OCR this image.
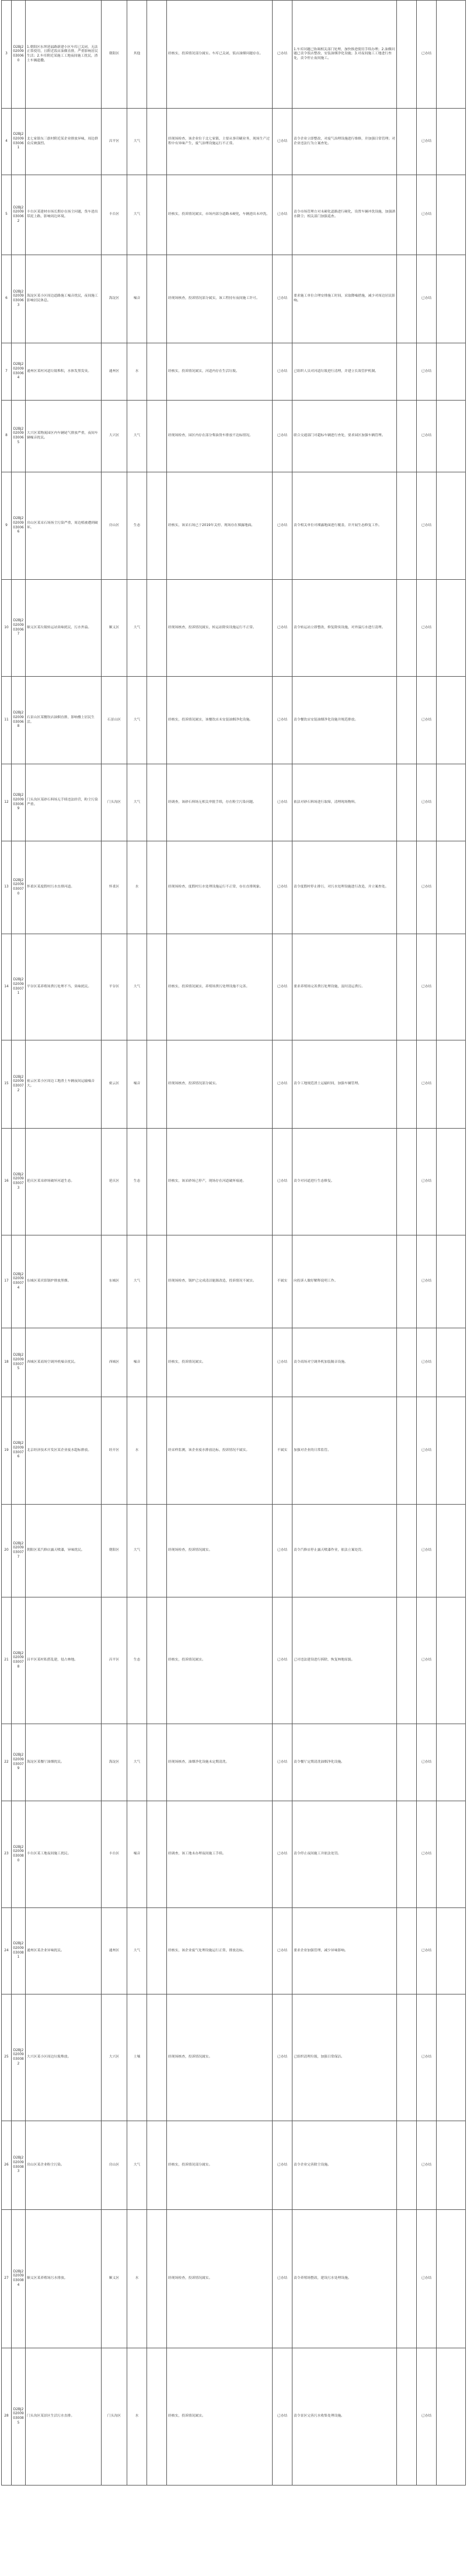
3	D2BJ202009030060	1.朝阳区东坝延福路新建小区车库已关闭，无法正常使用，且附近饭店油烟直排，严重影响居民生活；2.车库附近某施工工地夜间施工扰民，渣土车辆遗撒。	朝阳区	其他		经核实，投诉情况部分属实。车库已关闭，饭店油烟问题存在。	已办结	1.车库问题已协调相关部门处理，加快推进使用手续办理；2.油烟问题已责令饭店整改，安装油烟净化设施；3.对夜间施工工地进行查处，责令停止夜间施工。		已办结	
4	D2BJ202009030061	北七家镇东三旗村附近某企业排放异味，周边群众反映强烈。	昌平区	大气		经现场检查，该企业位于北七家镇，主要从事印刷业务，现场生产过程中有异味产生，废气治理设施运行不正常。	已办结	责令企业立即整改，对废气治理设施进行维修，并加强日常管理；对企业违法行为立案查处。		已办结	
5	D2BJ202009030062	丰台区某建材市场长期存在扬尘问题，货车进出带泥上路，影响周边环境。	丰台区	大气		经核实，投诉情况属实，市场内部分道路未硬化，车辆进出未冲洗。	已办结	责令市场管理方对未硬化道路进行硬化，设置车辆冲洗设施，加强洒水降尘；相关部门加强巡查。		已办结	
6	D2BJ202009030063	海淀区某小区周边道路施工噪音扰民，夜间施工影响居民休息。	海淀区	噪音		经现场核查，投诉情况部分属实，该工程持有夜间施工许可。	已办结	要求施工单位合理安排施工时间，采取降噪措施，减少对周边居民影响。		已办结	
7	D2BJ202009030064	通州区某村河道垃圾堆积，水体发黑发臭。	通州区	水		经核实，投诉情况属实，河道内存在生活垃圾。	已办结	已组织人员对河道垃圾进行清理，并建立长效管护机制。		已办结	
8	D2BJ202009030065	大兴区某物流园区内车辆尾气排放严重，夜间车辆噪音扰民。	大兴区	大气		经现场检查，园区内存在部分柴油货车排放不达标情况。	已办结	联合交通部门对超标车辆进行查处，要求园区加强车辆管理。		已办结	
9	D2BJ202009030066	房山区某采石场扬尘污染严重，周边植被遭到破坏。	房山区	生态		经核实，该采石场已于2019年关停，现场存在裸露地面。	已办结	责令相关单位对裸露地面进行覆盖，并开展生态修复工作。		已办结	
10	D2BJ202009030067	顺义区某垃圾转运站臭味扰民，污水外溢。	顺义区	大气		经现场核查，投诉情况属实，转运站除臭设施运行不正常。	已办结	责令转运站立即整改，修复除臭设施，对外溢污水进行清理。		已办结	
11	D2BJ202009030068	石景山区某餐饮店油烟直排，影响楼上居民生活。	石景山区	大气		经核实，投诉情况属实，该餐饮店未安装油烟净化设施。	已办结	责令餐饮店安装油烟净化设施并规范排放。		已办结	
12	D2BJ202009030069	门头沟区某砂石料场无手续违法经营，粉尘污染严重。	门头沟区	大气		经调查，该砂石料场无相关审批手续，存在粉尘污染问题。	已办结	依法对砂石料场进行取缔，清理现场物料。		已办结	
13	D2BJ202009030070	怀柔区某度假村污水直排河道。	怀柔区	水		经现场检查，度假村污水处理设施运行不正常，存在直排现象。	已办结	责令度假村停止排污，对污水处理设施进行改造，并立案查处。		已办结	
14	D2BJ202009030071	平谷区某养殖场粪污处理不当，臭味扰民。	平谷区	大气		经核实，投诉情况属实，养殖场粪污处理设施不完善。	已办结	要求养殖场完善粪污处理设施，及时清运粪污。		已办结	
15	D2BJ202009030072	密云区某小区周边工地渣土车辆夜间运输噪音大。	密云区	噪音		经现场核查，投诉情况部分属实。	已办结	责令工地规范渣土运输时间，加强车辆管理。		已办结	
16	D2BJ202009030073	延庆区某采砂场破坏河道生态。	延庆区	生态		经核实，该采砂场已停产，现场存在河道破坏痕迹。	已办结	责令对河道进行生态修复。		已办结	
17	D2BJ202009030074	东城区某宾馆锅炉排放黑烟。	东城区	大气		经现场检查，锅炉已完成清洁能源改造，投诉情况不属实。	不属实	向投诉人做好解释说明工作。		已办结	
18	D2BJ202009030075	西城区某商场空调外机噪音扰民。	西城区	噪音		经核实，投诉情况属实。	已办结	责令商场对空调外机加装隔音设施。		已办结	
19	D2BJ202009030076	北京经济技术开发区某企业废水超标排放。	经开区	水		经采样监测，该企业废水排放达标，投诉情况不属实。	不属实	加强对企业的日常监管。		已办结	
20	D2BJ202009030077	朝阳区某汽修店露天喷漆，异味扰民。	朝阳区	大气		经现场检查，投诉情况属实。	已办结	责令汽修店停止露天喷漆作业，依法立案处罚。		已办结	
21	D2BJ202009030078	昌平区某村私搭乱建，侵占林地。	昌平区	生态		经核实，投诉情况属实。	已办结	已对违法建设进行拆除，恢复林地原貌。		已办结	
22	D2BJ202009030079	海淀区某餐厅油烟扰民。	海淀区	大气		经现场核查，油烟净化设施未定期清洗。	已办结	责令餐厅定期清洗油烟净化设施。		已办结	
23	D2BJ202009030080	丰台区某工地夜间施工扰民。	丰台区	噪音		经调查，该工地未办理夜间施工手续。	已办结	责令停止夜间施工并依法处罚。		已办结	
24	D2BJ202009030081	通州区某企业异味扰民。	通州区	大气		经核实，该企业废气处理设施运行正常，排放达标。	已办结	要求企业加强管理，减少异味影响。		已办结	
25	D2BJ202009030082	大兴区某小区周边垃圾堆放。	大兴区	土壤		经现场核查，投诉情况属实。	已办结	已组织清理垃圾，加强日常保洁。		已办结	
26	D2BJ202009030083	房山区某企业粉尘污染。	房山区	大气		经核实，投诉情况部分属实。	已办结	责令企业完善除尘设施。		已办结	
27	D2BJ202009030084	顺义区某养殖场污水排放。	顺义区	水		经现场检查，投诉情况属实。	已办结	责令养殖场整改，建设污水处理设施。		已办结	
28	D2BJ202009030085	门头沟区某景区生活污水直排。	门头沟区	水		经核实，投诉情况属实。	已办结	责令景区完善污水收集处理设施。		已办结	
